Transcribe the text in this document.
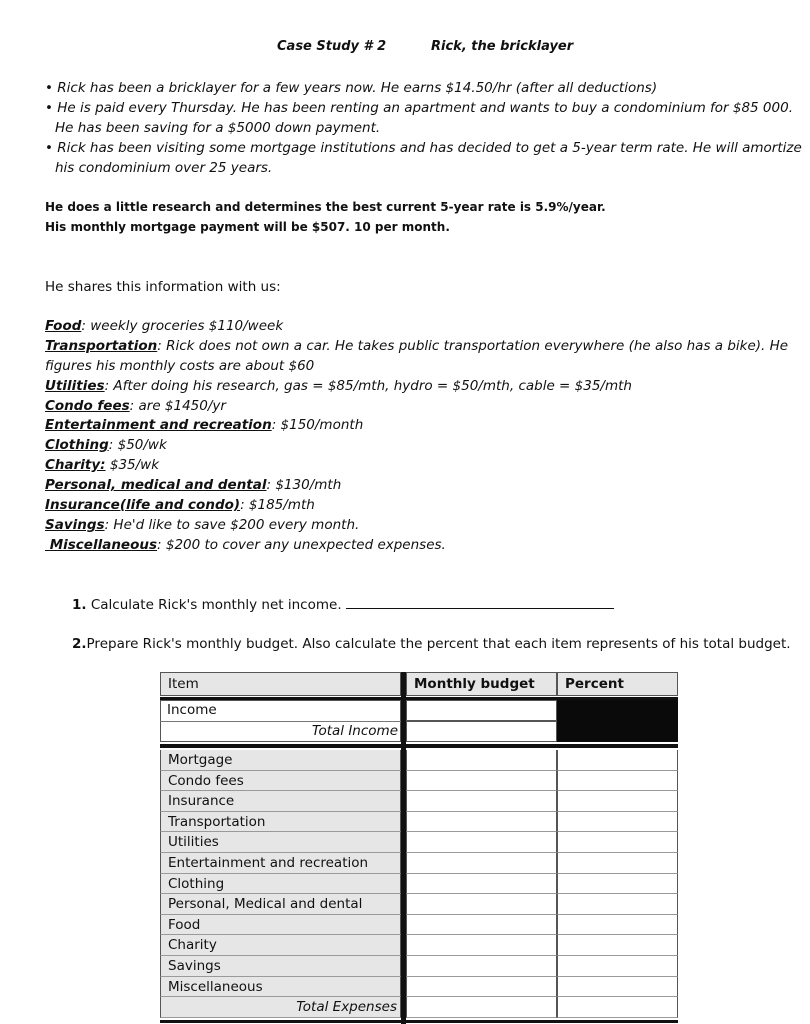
Case Study # 2	Rick, the bricklayer
• Rick has been a bricklayer for a few years now. He earns $14.50/hr (after all deductions)
• He is paid every Thursday. He has been renting an apartment and wants to buy a condominium for $85 000.
He has been saving for a $5000 down payment.
• Rick has been visiting some mortgage institutions and has decided to get a 5-year term rate. He will amortize
his condominium over 25 years.
He does a little research and determines the best current 5-year rate is 5.9%/year.
His monthly mortgage payment will be $507. 10 per month.
He shares this information with us:
Food: weekly groceries $110/week
Transportation: Rick does not own a car. He takes public transportation everywhere (he also has a bike). He
figures his monthly costs are about $60
Utilities: After doing his research, gas = $85/mth, hydro = $50/mth, cable = $35/mth
Condo fees: are $1450/yr
Entertainment and recreation: $150/month
Clothing: $50/wk
Charity: $35/wk
Personal, medical and dental: $130/mth
Insurance(life and condo): $185/mth
Savings: He'd like to save $200 every month.
Miscellaneous: $200 to cover any unexpected expenses.
1. Calculate Rick's monthly net income.
2.Prepare Rick's monthly budget. Also calculate the percent that each item represents of his total budget.
Item	Monthly budget	Percent
Income
Total Income
Mortgage
Condo fees
Insurance
Transportation
Utilities
Entertainment and recreation
Clothing
Personal, Medical and dental
Food
Charity
Savings
Miscellaneous
Total Expenses
